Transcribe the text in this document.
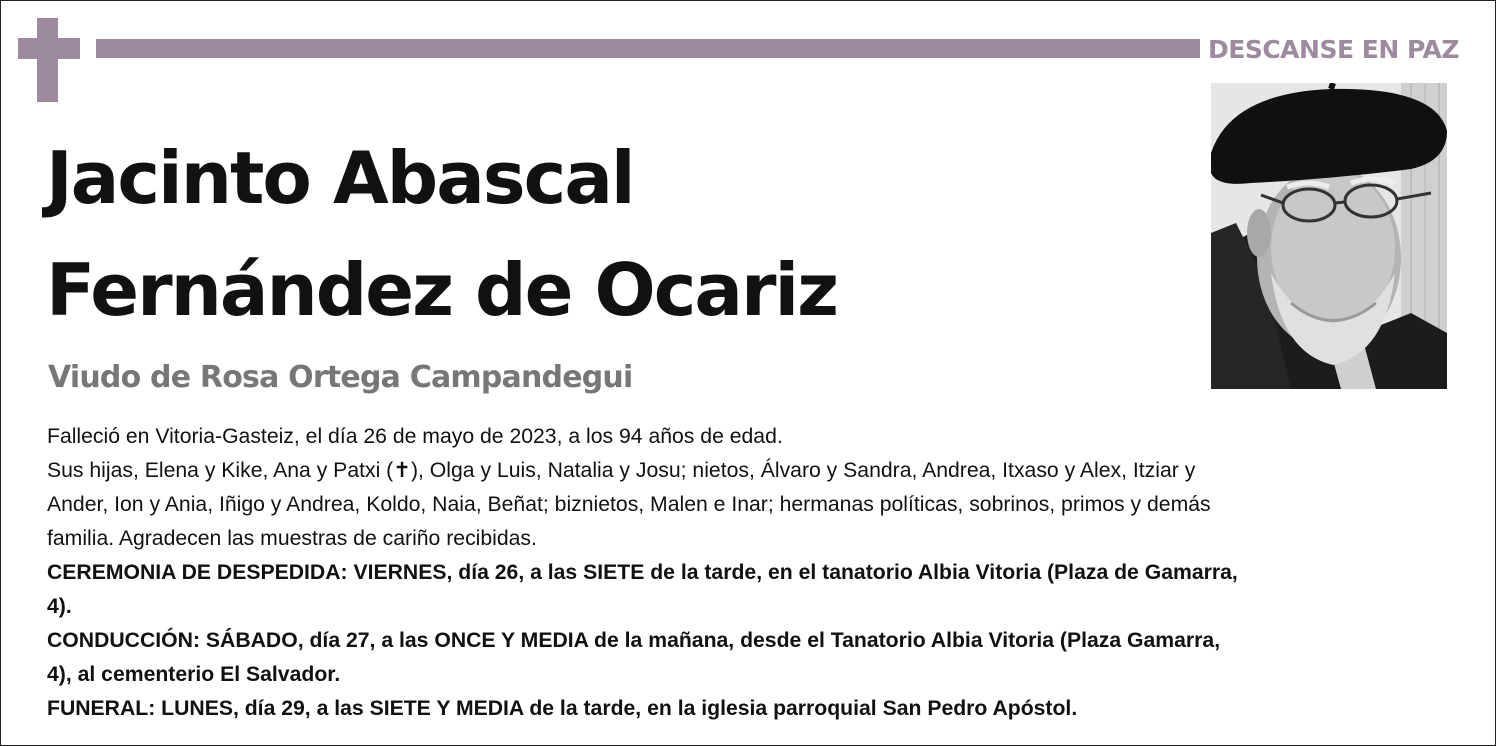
DESCANSE EN PAZ
Jacinto Abascal
Fernández de Ocariz
Viudo de Rosa Ortega Campandegui

Falleció en Vitoria-Gasteiz, el día 26 de mayo de 2023, a los 94 años de edad.

Sus hijas, Elena y Kike, Ana y Patxi (✝), Olga y Luis, Natalia y Josu; nietos, Álvaro y Sandra, Andrea, Itxaso y Alex, Itziar y
Ander, Ion y Ania, Iñigo y Andrea, Koldo, Naia, Beñat; biznietos, Malen e Inar; hermanas políticas, sobrinos, primos y demás
familia. Agradecen las muestras de cariño recibidas.

CEREMONIA DE DESPEDIDA: VIERNES, día 26, a las SIETE de la tarde, en el tanatorio Albia Vitoria (Plaza de Gamarra,
4).

CONDUCCIÓN: SÁBADO, día 27, a las ONCE Y MEDIA de la mañana, desde el Tanatorio Albia Vitoria (Plaza Gamarra,
4), al cementerio El Salvador.

FUNERAL: LUNES, día 29, a las SIETE Y MEDIA de la tarde, en la iglesia parroquial San Pedro Apóstol.
